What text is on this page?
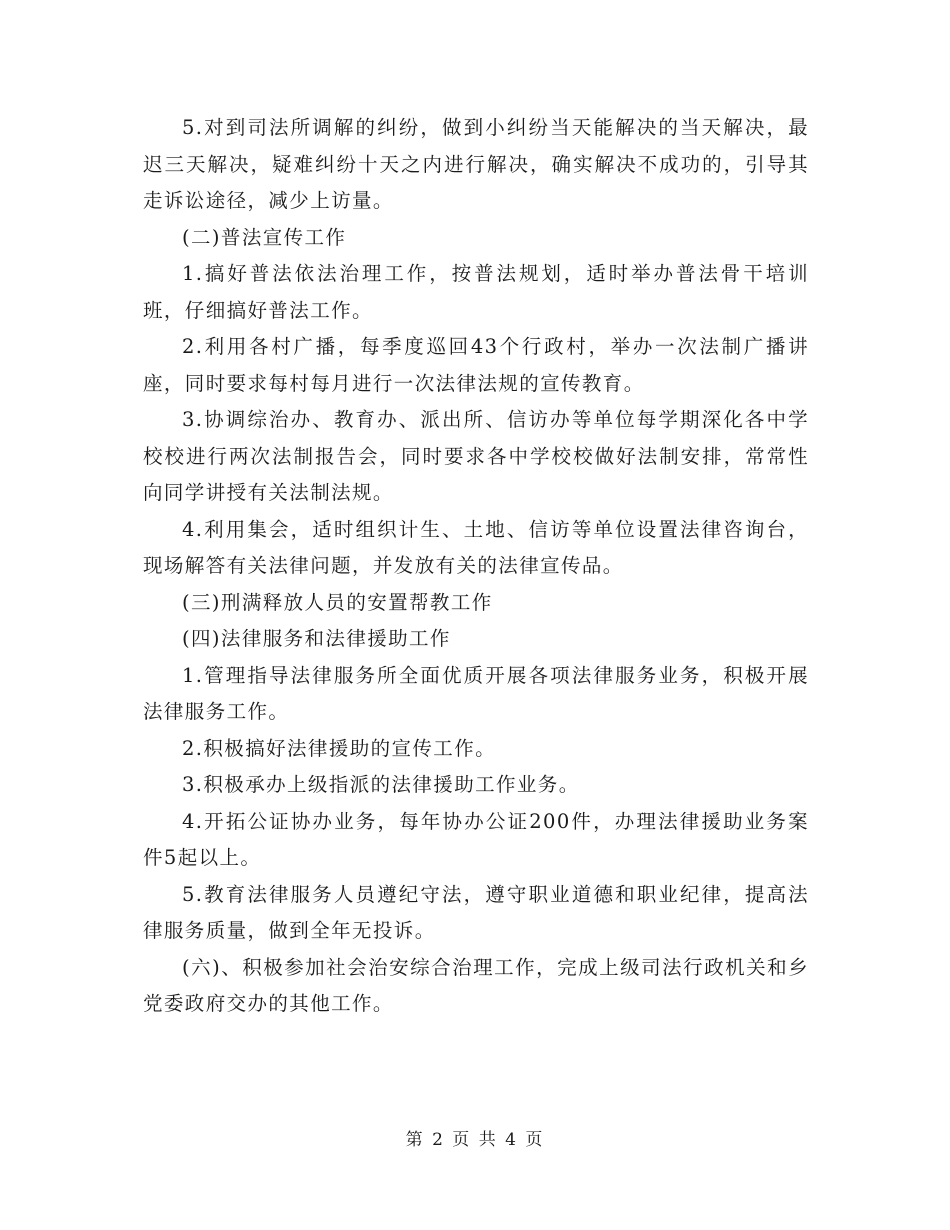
5.对到司法所调解的纠纷，做到小纠纷当天能解决的当天解决，最迟三天解决，疑难纠纷十天之内进行解决，确实解决不成功的，引导其走诉讼途径，减少上访量。

(二)普法宣传工作

1.搞好普法依法治理工作，按普法规划，适时举办普法骨干培训班，仔细搞好普法工作。

2.利用各村广播，每季度巡回43个行政村，举办一次法制广播讲座，同时要求每村每月进行一次法律法规的宣传教育。

3.协调综治办、教育办、派出所、信访办等单位每学期深化各中学校校进行两次法制报告会，同时要求各中学校校做好法制安排，常常性向同学讲授有关法制法规。

4.利用集会，适时组织计生、土地、信访等单位设置法律咨询台，现场解答有关法律问题，并发放有关的法律宣传品。

(三)刑满释放人员的安置帮教工作

(四)法律服务和法律援助工作

1.管理指导法律服务所全面优质开展各项法律服务业务，积极开展法律服务工作。

2.积极搞好法律援助的宣传工作。

3.积极承办上级指派的法律援助工作业务。

4.开拓公证协办业务，每年协办公证200件，办理法律援助业务案件5起以上。

5.教育法律服务人员遵纪守法，遵守职业道德和职业纪律，提高法律服务质量，做到全年无投诉。

(六)、积极参加社会治安综合治理工作，完成上级司法行政机关和乡党委政府交办的其他工作。

第 2 页 共 4 页
